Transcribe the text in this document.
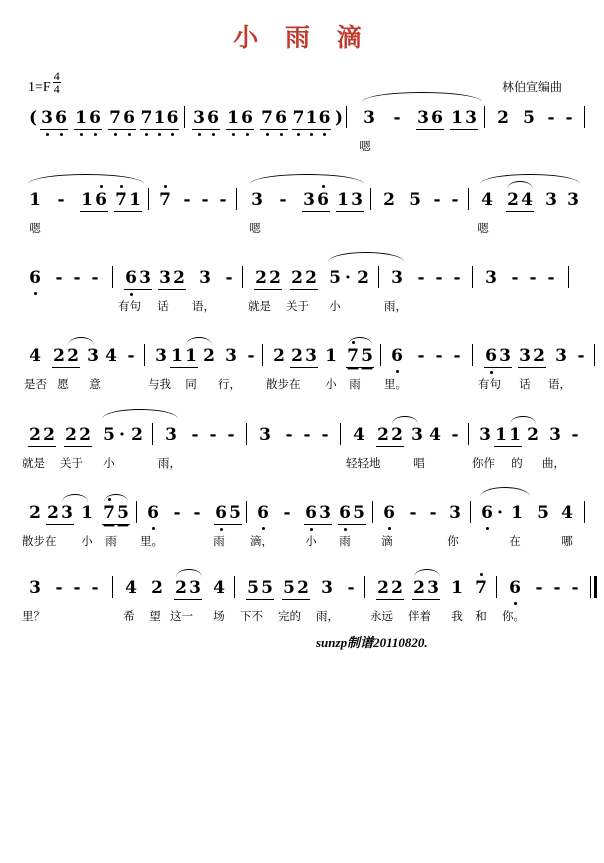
小 雨 滴
$1=F \frac{4}{4}$	林伯宣编曲
( 3 6 1 6 7 6 7 1 6 3 6 1 6 7 6 7 1 6 ) 3 - 3 6 1 3 2 5 - -
嗯
1 - 1 6 7 1 7 - - - 3 - 3 6 1 3 2 5 - - 4 2 4 3 3
嗯	嗯	嗯
6 - - - 6 3 3 2 3 - 2 2 2 2 5 · 2 3 - - - 3 - - -
有句	话	语，	就是 关于	小	雨，
4 2 2 3 4 - 3 1 1 2 3 - 2 2 3 1 7 5 6 - - - 6 3 3 2 3 -
是否 愿	意	与我	同	行， 散步在	小	雨	里。	有句	话	语，
2 2 2 2 5 · 2 3 - - - 3 - - - 4 2 2 3 4 - 3 1 1 2 3 -
就是 关于	小	雨，	轻轻地	唱	你作	的	曲，
2 2 3 1 7 5 6 - - 6 5 6 - 6 3 6 5 6 - - 3 6 · 1 5 4
散步在	小	雨	里。	雨	滴，	小	雨	滴	你	在	哪
3 - - - 4 2 2 3 4 5 5 5 2 3 - 2 2 2 3 1 7 6 - - -
里？	希	望 这一	场	下不 完的 雨，	永远 伴着	我	和	你。
sunzp制谱20110820.
